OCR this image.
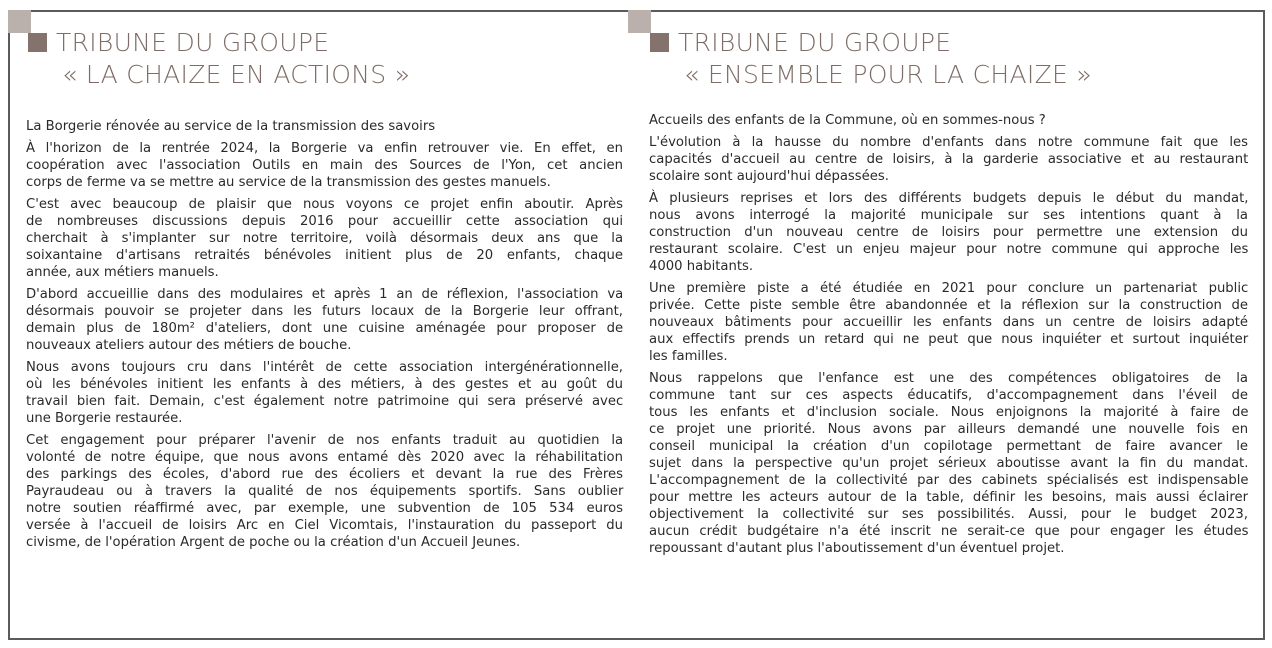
TRIBUNE DU GROUPE
« LA CHAIZE EN ACTIONS »
La Borgerie rénovée au service de la transmission des savoirs
À l'horizon de la rentrée 2024, la Borgerie va enfin retrouver vie. En effet, en
coopération avec l'association Outils en main des Sources de l'Yon, cet ancien
corps de ferme va se mettre au service de la transmission des gestes manuels.
C'est avec beaucoup de plaisir que nous voyons ce projet enfin aboutir. Après
de nombreuses discussions depuis 2016 pour accueillir cette association qui
cherchait à s'implanter sur notre territoire, voilà désormais deux ans que la
soixantaine d'artisans retraités bénévoles initient plus de 20 enfants, chaque
année, aux métiers manuels.
D'abord accueillie dans des modulaires et après 1 an de réflexion, l'association va
désormais pouvoir se projeter dans les futurs locaux de la Borgerie leur offrant,
demain plus de 180m² d'ateliers, dont une cuisine aménagée pour proposer de
nouveaux ateliers autour des métiers de bouche.
Nous avons toujours cru dans l'intérêt de cette association intergénérationnelle,
où les bénévoles initient les enfants à des métiers, à des gestes et au goût du
travail bien fait. Demain, c'est également notre patrimoine qui sera préservé avec
une Borgerie restaurée.
Cet engagement pour préparer l'avenir de nos enfants traduit au quotidien la
volonté de notre équipe, que nous avons entamé dès 2020 avec la réhabilitation
des parkings des écoles, d'abord rue des écoliers et devant la rue des Frères
Payraudeau ou à travers la qualité de nos équipements sportifs. Sans oublier
notre soutien réaffirmé avec, par exemple, une subvention de 105 534 euros
versée à l'accueil de loisirs Arc en Ciel Vicomtais, l'instauration du passeport du
civisme, de l'opération Argent de poche ou la création d'un Accueil Jeunes.
TRIBUNE DU GROUPE
« ENSEMBLE POUR LA CHAIZE »
Accueils des enfants de la Commune, où en sommes-nous ?
L'évolution à la hausse du nombre d'enfants dans notre commune fait que les
capacités d'accueil au centre de loisirs, à la garderie associative et au restaurant
scolaire sont aujourd'hui dépassées.
À plusieurs reprises et lors des différents budgets depuis le début du mandat,
nous avons interrogé la majorité municipale sur ses intentions quant à la
construction d'un nouveau centre de loisirs pour permettre une extension du
restaurant scolaire. C'est un enjeu majeur pour notre commune qui approche les
4000 habitants.
Une première piste a été étudiée en 2021 pour conclure un partenariat public
privée. Cette piste semble être abandonnée et la réflexion sur la construction de
nouveaux bâtiments pour accueillir les enfants dans un centre de loisirs adapté
aux effectifs prends un retard qui ne peut que nous inquiéter et surtout inquiéter
les familles.
Nous rappelons que l'enfance est une des compétences obligatoires de la
commune tant sur ces aspects éducatifs, d'accompagnement dans l'éveil de
tous les enfants et d'inclusion sociale. Nous enjoignons la majorité à faire de
ce projet une priorité. Nous avons par ailleurs demandé une nouvelle fois en
conseil municipal la création d'un copilotage permettant de faire avancer le
sujet dans la perspective qu'un projet sérieux aboutisse avant la fin du mandat.
L'accompagnement de la collectivité par des cabinets spécialisés est indispensable
pour mettre les acteurs autour de la table, définir les besoins, mais aussi éclairer
objectivement la collectivité sur ses possibilités. Aussi, pour le budget 2023,
aucun crédit budgétaire n'a été inscrit ne serait-ce que pour engager les études
repoussant d'autant plus l'aboutissement d'un éventuel projet.
